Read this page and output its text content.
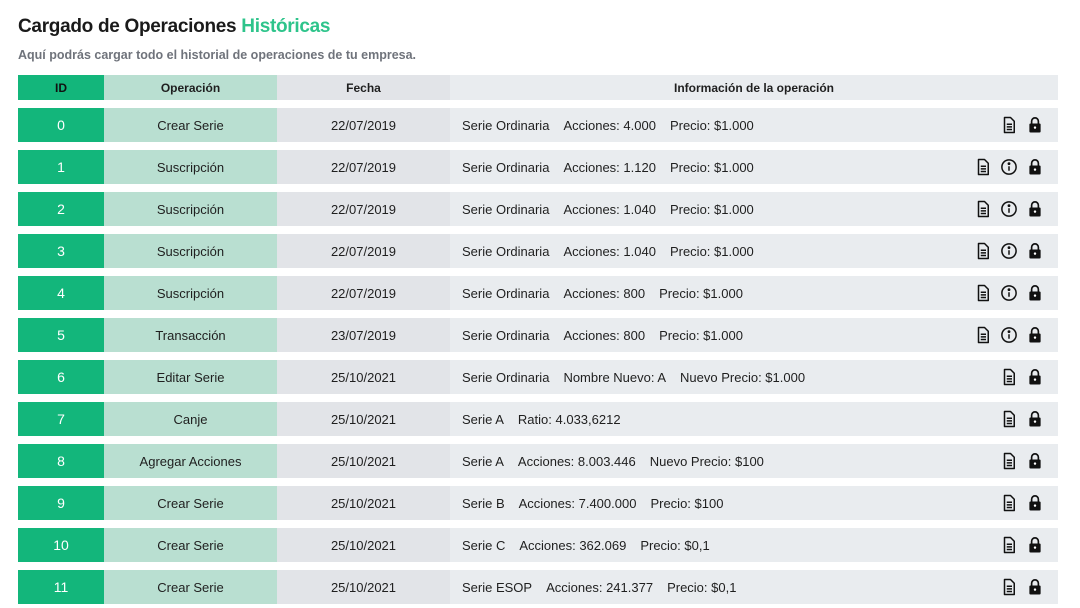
Cargado de Operaciones Históricas
Aquí podrás cargar todo el historial de operaciones de tu empresa.
ID	Operación	Fecha	Información de la operación
0	Crear Serie	22/07/2019	Serie Ordinaria Acciones: 4.000 Precio: $1.000
1	Suscripción	22/07/2019	Serie Ordinaria Acciones: 1.120 Precio: $1.000
2	Suscripción	22/07/2019	Serie Ordinaria Acciones: 1.040 Precio: $1.000
3	Suscripción	22/07/2019	Serie Ordinaria Acciones: 1.040 Precio: $1.000
4	Suscripción	22/07/2019	Serie Ordinaria Acciones: 800 Precio: $1.000
5	Transacción	23/07/2019	Serie Ordinaria Acciones: 800 Precio: $1.000
6	Editar Serie	25/10/2021	Serie Ordinaria Nombre Nuevo: A Nuevo Precio: $1.000
7	Canje	25/10/2021	Serie A Ratio: 4.033,6212
8	Agregar Acciones	25/10/2021	Serie A Acciones: 8.003.446 Nuevo Precio: $100
9	Crear Serie	25/10/2021	Serie B Acciones: 7.400.000 Precio: $100
10	Crear Serie	25/10/2021	Serie C Acciones: 362.069 Precio: $0,1
11	Crear Serie	25/10/2021	Serie ESOP Acciones: 241.377 Precio: $0,1
